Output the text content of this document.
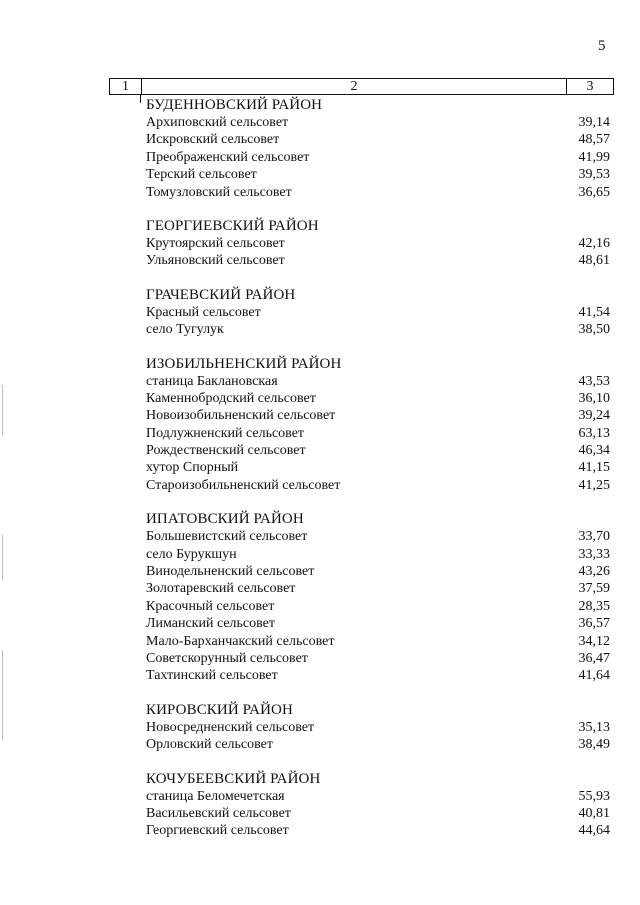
5
1	2	3
БУДЕННОВСКИЙ РАЙОН
Архиповский сельсовет	39,14
Искровский сельсовет	48,57
Преображенский сельсовет	41,99
Терский сельсовет	39,53
Томузловский сельсовет	36,65
ГЕОРГИЕВСКИЙ РАЙОН
Крутоярский сельсовет	42,16
Ульяновский сельсовет	48,61
ГРАЧЕВСКИЙ РАЙОН
Красный сельсовет	41,54
село Тугулук	38,50
ИЗОБИЛЬНЕНСКИЙ РАЙОН
станица Баклановская	43,53
Каменнобродский сельсовет	36,10
Новоизобильненский сельсовет	39,24
Подлужненский сельсовет	63,13
Рождественский сельсовет	46,34
хутор Спорный	41,15
Староизобильненский сельсовет	41,25
ИПАТОВСКИЙ РАЙОН
Большевистский сельсовет	33,70
село Бурукшун	33,33
Винодельненский сельсовет	43,26
Золотаревский сельсовет	37,59
Красочный сельсовет	28,35
Лиманский сельсовет	36,57
Мало-Барханчакский сельсовет	34,12
Советскорунный сельсовет	36,47
Тахтинский сельсовет	41,64
КИРОВСКИЙ РАЙОН
Новосредненский сельсовет	35,13
Орловский сельсовет	38,49
КОЧУБЕЕВСКИЙ РАЙОН
станица Беломечетская	55,93
Васильевский сельсовет	40,81
Георгиевский сельсовет	44,64
